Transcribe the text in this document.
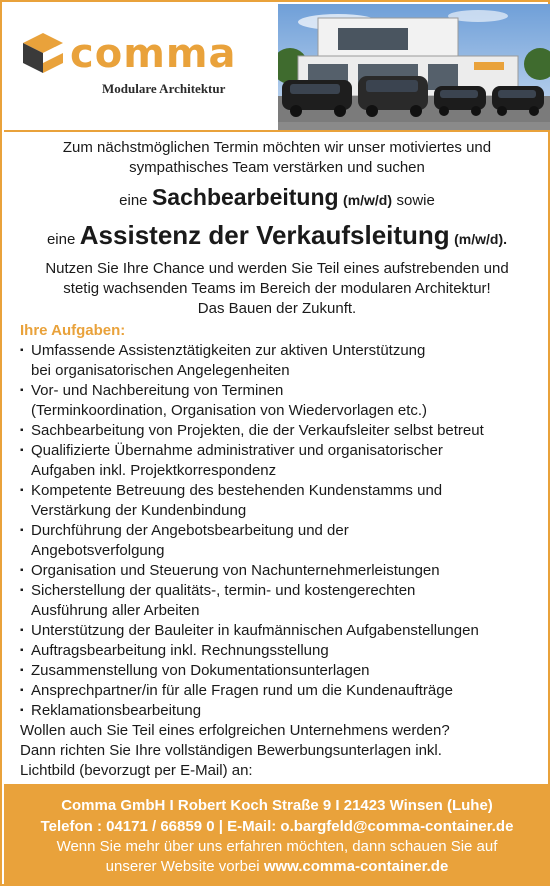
comma
Modulare Architektur
Zum nächstmöglichen Termin möchten wir unser motiviertes und
sympathisches Team verstärken und suchen
eine Sachbearbeitung (m/w/d) sowie
eine Assistenz der Verkaufsleitung (m/w/d).
Nutzen Sie Ihre Chance und werden Sie Teil eines aufstrebenden und
stetig wachsenden Teams im Bereich der modularen Architektur!
Das Bauen der Zukunft.
Ihre Aufgaben:
▪ Umfassende Assistenztätigkeiten zur aktiven Unterstützung
bei organisatorischen Angelegenheiten
▪ Vor- und Nachbereitung von Terminen
(Terminkoordination, Organisation von Wiedervorlagen etc.)
▪ Sachbearbeitung von Projekten, die der Verkaufsleiter selbst betreut
▪ Qualifizierte Übernahme administrativer und organisatorischer
Aufgaben inkl. Projektkorrespondenz
▪ Kompetente Betreuung des bestehenden Kundenstamms und
Verstärkung der Kundenbindung
▪ Durchführung der Angebotsbearbeitung und der
Angebotsverfolgung
▪ Organisation und Steuerung von Nachunternehmerleistungen
▪ Sicherstellung der qualitäts-, termin- und kostengerechten
Ausführung aller Arbeiten
▪ Unterstützung der Bauleiter in kaufmännischen Aufgabenstellungen
▪ Auftragsbearbeitung inkl. Rechnungsstellung
▪ Zusammenstellung von Dokumentationsunterlagen
▪ Ansprechpartner/in für alle Fragen rund um die Kundenaufträge
▪ Reklamationsbearbeitung
Wollen auch Sie Teil eines erfolgreichen Unternehmens werden?
Dann richten Sie Ihre vollständigen Bewerbungsunterlagen inkl.
Lichtbild (bevorzugt per E-Mail) an:
Comma GmbH I Robert Koch Straße 9 I 21423 Winsen (Luhe)
Telefon : 04171 / 66859 0 | E-Mail: o.bargfeld@comma-container.de
Wenn Sie mehr über uns erfahren möchten, dann schauen Sie auf
unserer Website vorbei www.comma-container.de
